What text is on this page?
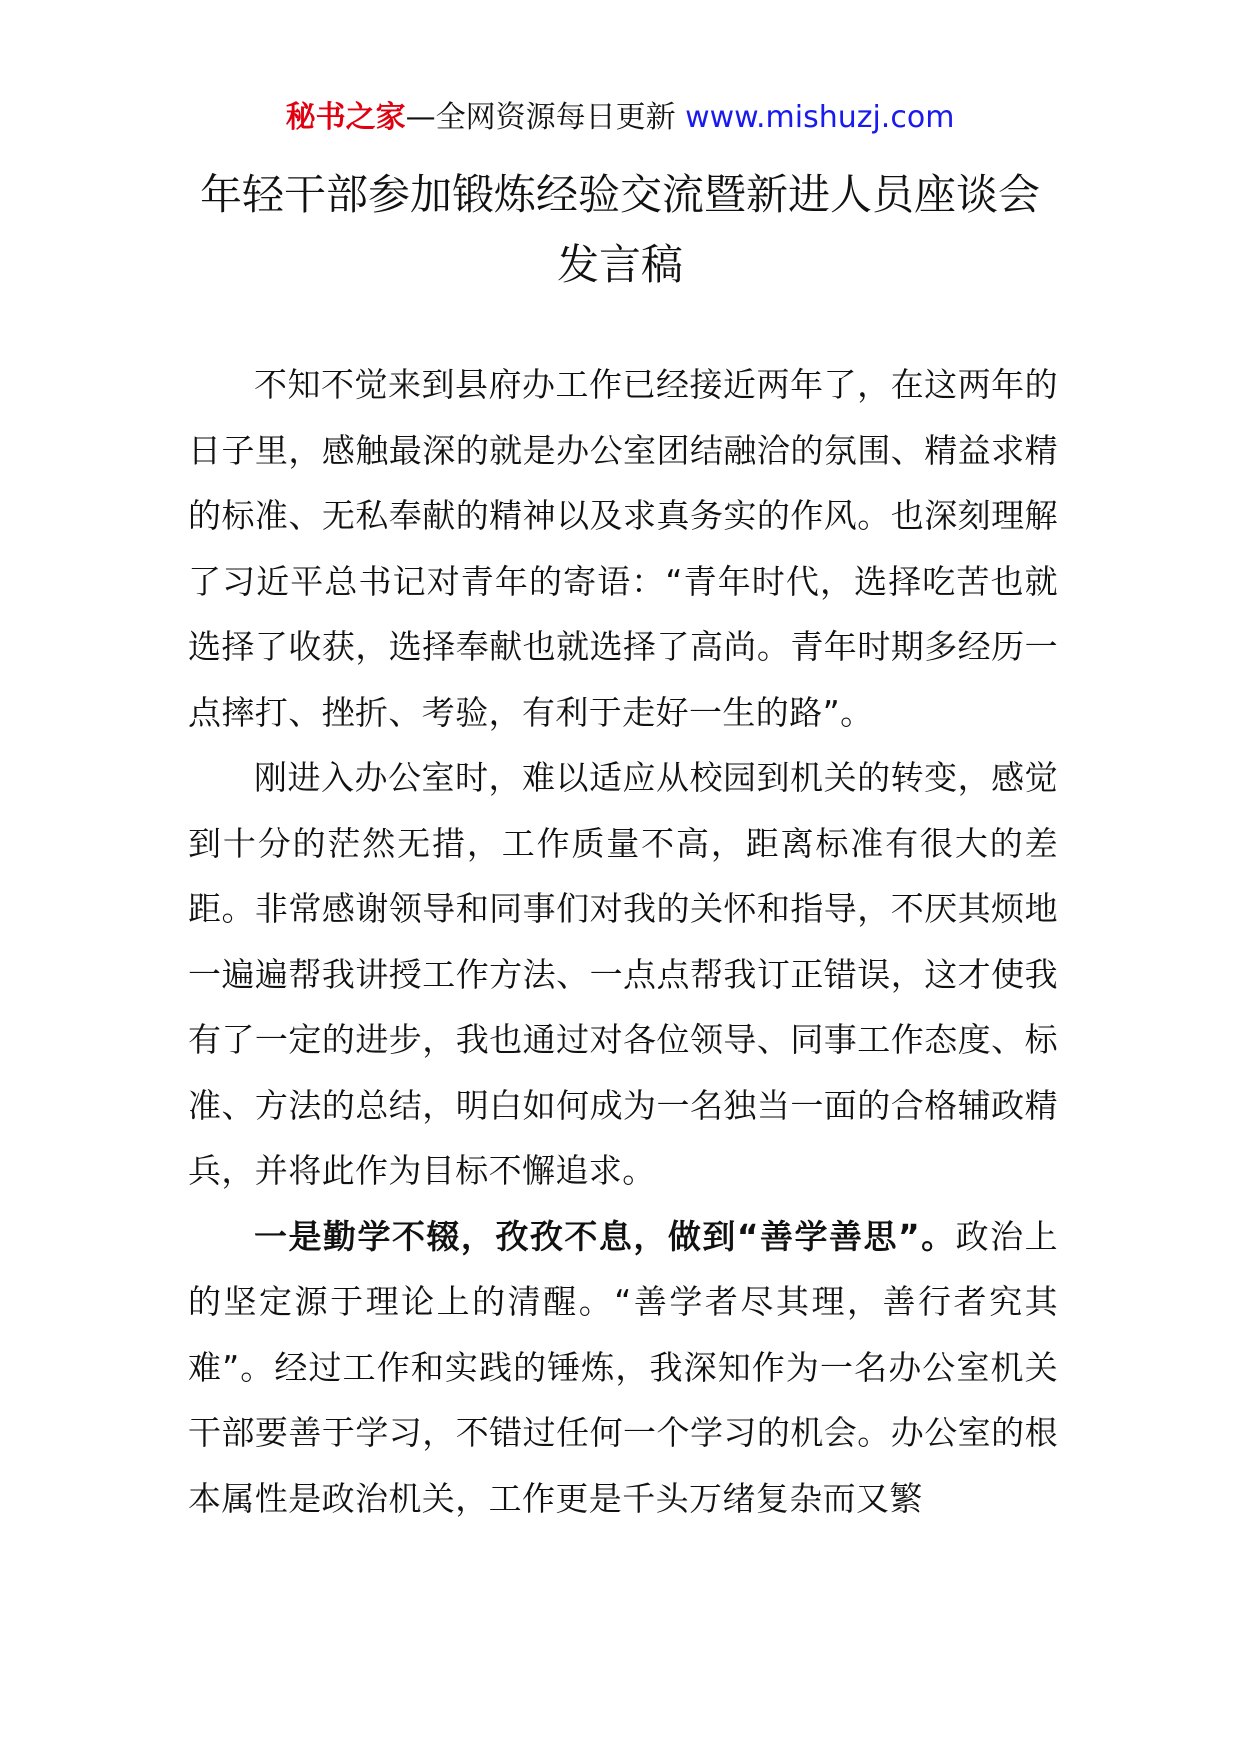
秘书之家—全网资源每日更新 www.mishuzj.com
年轻干部参加锻炼经验交流暨新进人员座谈会
发言稿

不知不觉来到县府办工作已经接近两年了，在这两年的日子里，感触最深的就是办公室团结融洽的氛围、精益求精的标准、无私奉献的精神以及求真务实的作风。也深刻理解了习近平总书记对青年的寄语：“青年时代，选择吃苦也就选择了收获，选择奉献也就选择了高尚。青年时期多经历一点摔打、挫折、考验，有利于走好一生的路”。

刚进入办公室时，难以适应从校园到机关的转变，感觉到十分的茫然无措，工作质量不高，距离标准有很大的差距。非常感谢领导和同事们对我的关怀和指导，不厌其烦地一遍遍帮我讲授工作方法、一点点帮我订正错误，这才使我有了一定的进步，我也通过对各位领导、同事工作态度、标准、方法的总结，明白如何成为一名独当一面的合格辅政精兵，并将此作为目标不懈追求。

一是勤学不辍，孜孜不息，做到“善学善思”。政治上的坚定源于理论上的清醒。“善学者尽其理，善行者究其难”。经过工作和实践的锤炼，我深知作为一名办公室机关干部要善于学习，不错过任何一个学习的机会。办公室的根本属性是政治机关，工作更是千头万绪复杂而又繁
